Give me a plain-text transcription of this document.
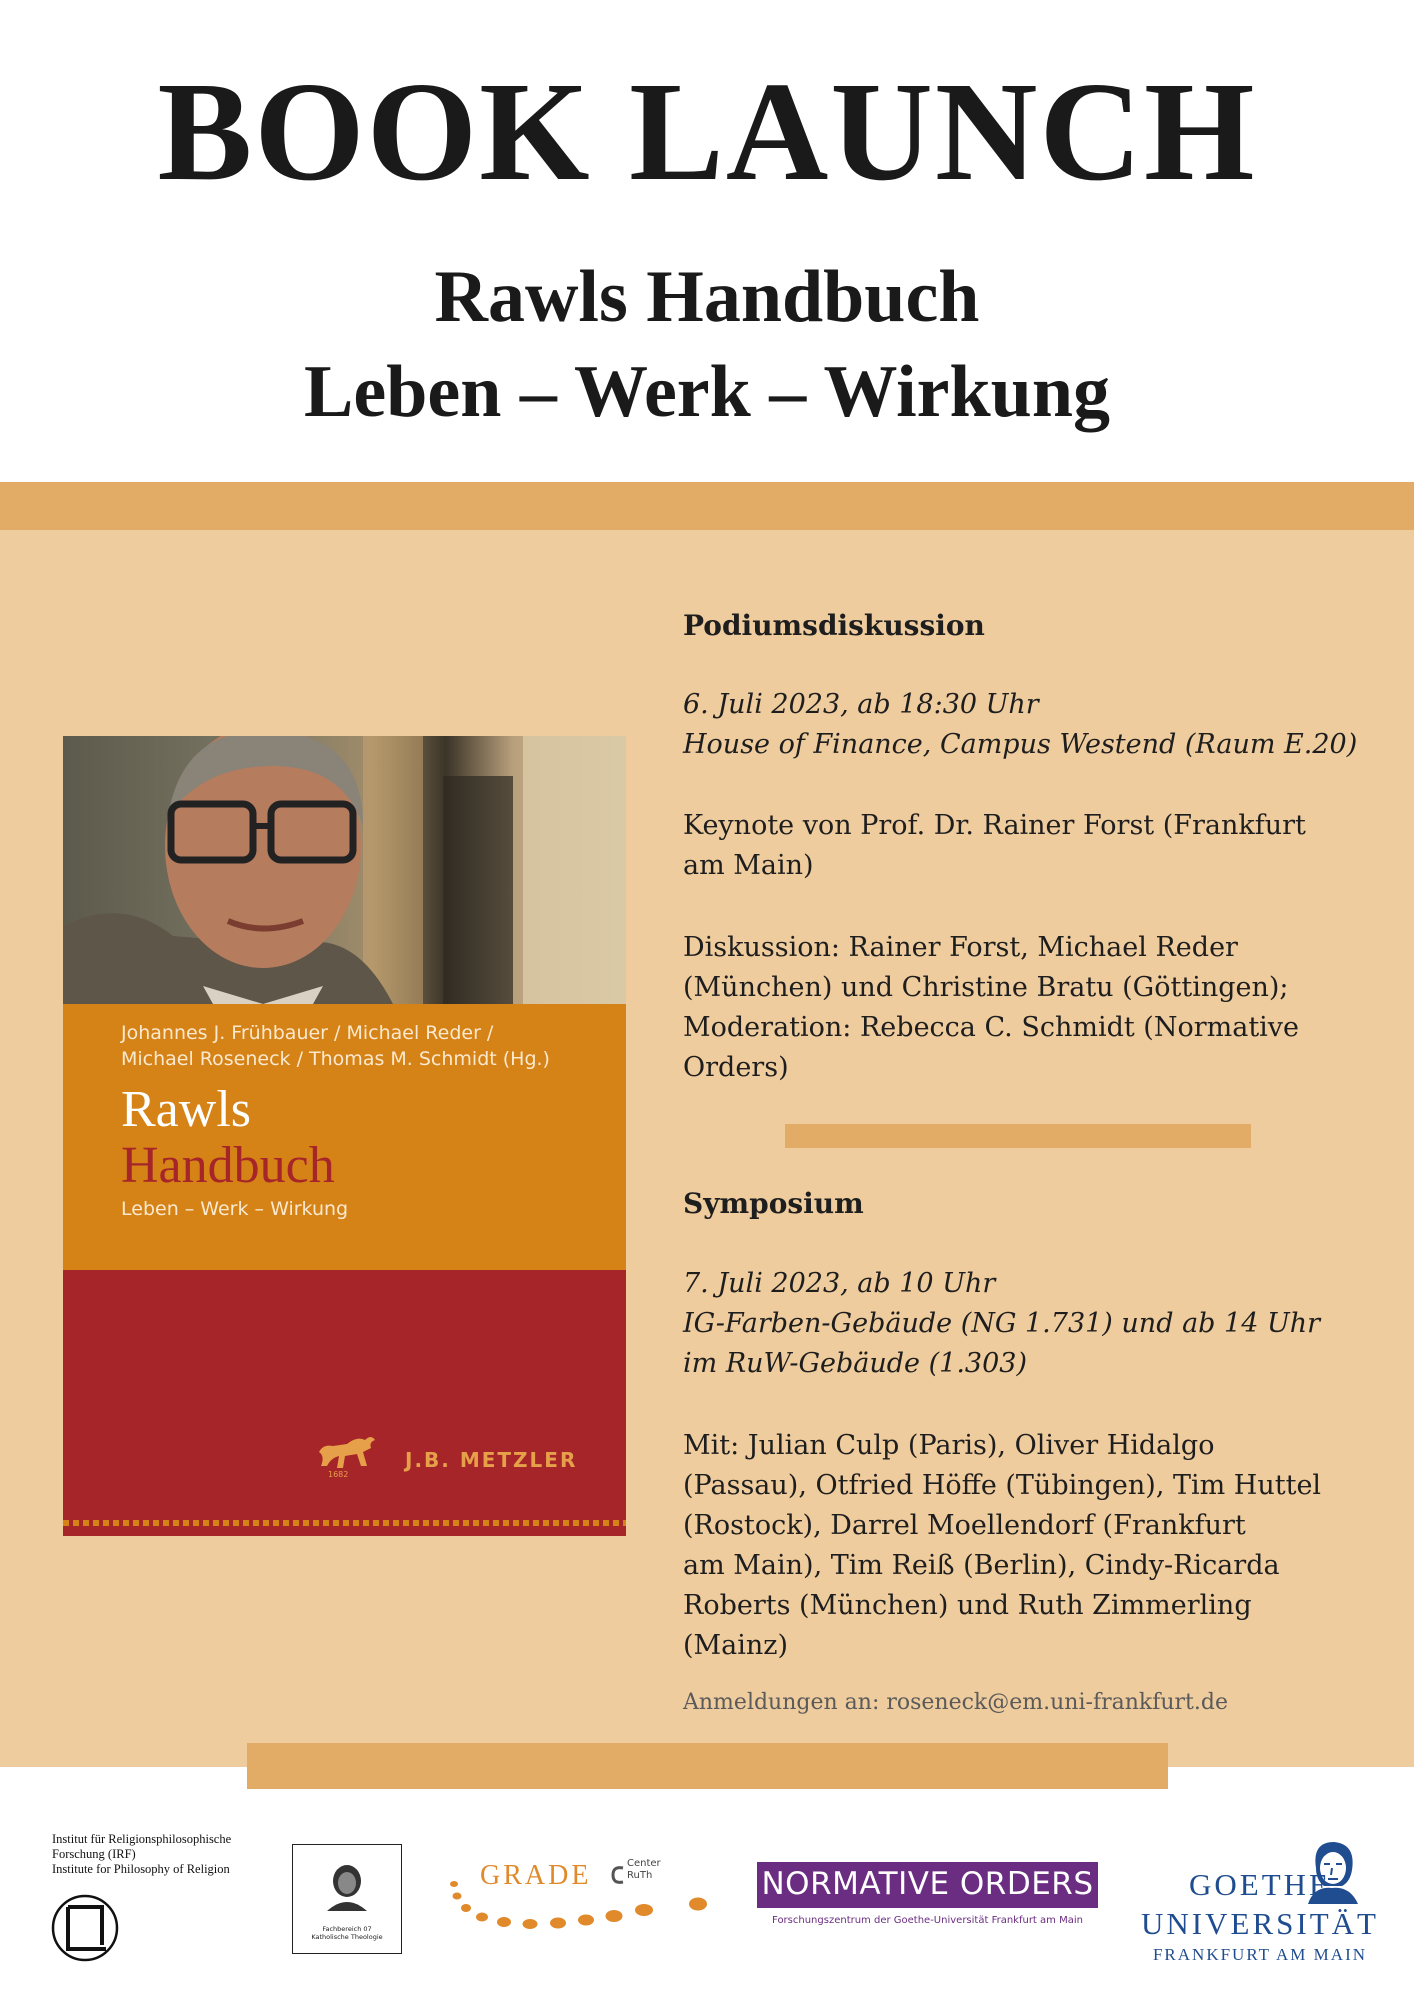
BOOK LAUNCH
Rawls Handbuch
Leben – Werk – Wirkung
Johannes J. Frühbauer / Michael Reder /
Michael Roseneck / Thomas M. Schmidt (Hg.)
Rawls
Handbuch
Leben – Werk – Wirkung
J.B. METZLER
1682
Podiumsdiskussion
6. Juli 2023, ab 18:30 Uhr
House of Finance, Campus Westend (Raum E.20)
Keynote von Prof. Dr. Rainer Forst (Frankfurt
am Main)
Diskussion: Rainer Forst, Michael Reder
(München) und Christine Bratu (Göttingen);
Moderation: Rebecca C. Schmidt (Normative
Orders)
Symposium
7. Juli 2023, ab 10 Uhr
IG-Farben-Gebäude (NG 1.731) und ab 14 Uhr
im RuW-Gebäude (1.303)
Mit: Julian Culp (Paris), Oliver Hidalgo
(Passau), Otfried Höffe (Tübingen), Tim Huttel
(Rostock), Darrel Moellendorf (Frankfurt
am Main), Tim Reiß (Berlin), Cindy-Ricarda
Roberts (München) und Ruth Zimmerling
(Mainz)
Anmeldungen an: roseneck@em.uni-frankfurt.de
Institut für Religionsphilosophische
Forschung (IRF)
Institute for Philosophy of Religion
Fachbereich 07
Katholische Theologie
GRADE	Center
RuTh	NORMATIVE ORDERS
Forschungszentrum der Goethe-Universität Frankfurt am Main
GOETHE
UNIVERSITÄT
FRANKFURT AM MAIN
